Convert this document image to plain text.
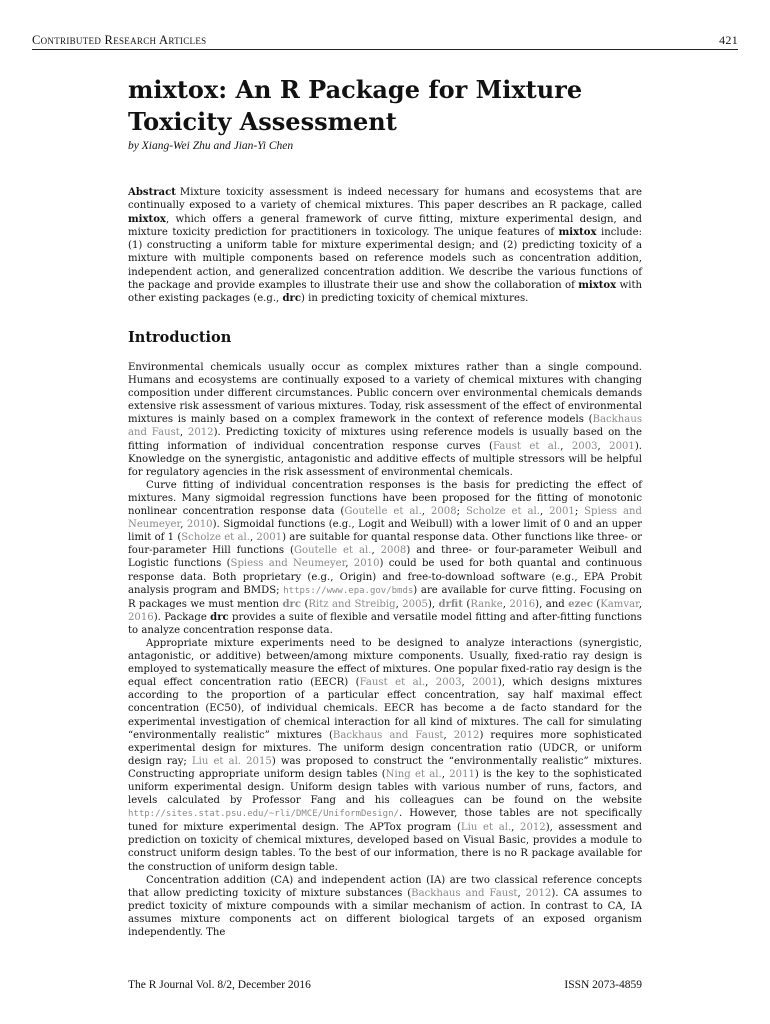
Contributed Research Articles	421
mixtox: An R Package for Mixture Toxicity Assessment
by Xiang-Wei Zhu and Jian-Yi Chen
Abstract Mixture toxicity assessment is indeed necessary for humans and ecosystems that are continually exposed to a variety of chemical mixtures. This paper describes an R package, called mixtox, which offers a general framework of curve fitting, mixture experimental design, and mixture toxicity prediction for practitioners in toxicology. The unique features of mixtox include: (1) constructing a uniform table for mixture experimental design; and (2) predicting toxicity of a mixture with multiple components based on reference models such as concentration addition, independent action, and generalized concentration addition. We describe the various functions of the package and provide examples to illustrate their use and show the collaboration of mixtox with other existing packages (e.g., drc) in predicting toxicity of chemical mixtures.
Introduction

Environmental chemicals usually occur as complex mixtures rather than a single compound. Humans and ecosystems are continually exposed to a variety of chemical mixtures with changing composition under different circumstances. Public concern over environmental chemicals demands extensive risk assessment of various mixtures. Today, risk assessment of the effect of environmental mixtures is mainly based on a complex framework in the context of reference models (Backhaus and Faust, 2012). Predicting toxicity of mixtures using reference models is usually based on the fitting information of individual concentration response curves (Faust et al., 2003, 2001). Knowledge on the synergistic, antagonistic and additive effects of multiple stressors will be helpful for regulatory agencies in the risk assessment of environmental chemicals.

Curve fitting of individual concentration responses is the basis for predicting the effect of mixtures. Many sigmoidal regression functions have been proposed for the fitting of monotonic nonlinear concentration response data (Goutelle et al., 2008; Scholze et al., 2001; Spiess and Neumeyer, 2010). Sigmoidal functions (e.g., Logit and Weibull) with a lower limit of 0 and an upper limit of 1 (Scholze et al., 2001) are suitable for quantal response data. Other functions like three- or four-parameter Hill functions (Goutelle et al., 2008) and three- or four-parameter Weibull and Logistic functions (Spiess and Neumeyer, 2010) could be used for both quantal and continuous response data. Both proprietary (e.g., Origin) and free-to-download software (e.g., EPA Probit analysis program and BMDS; https://www.epa.gov/bmds) are available for curve fitting. Focusing on R packages we must mention drc (Ritz and Streibig, 2005), drfit (Ranke, 2016), and ezec (Kamvar, 2016). Package drc provides a suite of flexible and versatile model fitting and after-fitting functions to analyze concentration response data.

Appropriate mixture experiments need to be designed to analyze interactions (synergistic, antagonistic, or additive) between/among mixture components. Usually, fixed-ratio ray design is employed to systematically measure the effect of mixtures. One popular fixed-ratio ray design is the equal effect concentration ratio (EECR) (Faust et al., 2003, 2001), which designs mixtures according to the proportion of a particular effect concentration, say half maximal effect concentration (EC50), of individual chemicals. EECR has become a de facto standard for the experimental investigation of chemical interaction for all kind of mixtures. The call for simulating “environmentally realistic” mixtures (Backhaus and Faust, 2012) requires more sophisticated experimental design for mixtures. The uniform design concentration ratio (UDCR, or uniform design ray; Liu et al. 2015) was proposed to construct the “environmentally realistic” mixtures. Constructing appropriate uniform design tables (Ning et al., 2011) is the key to the sophisticated uniform experimental design. Uniform design tables with various number of runs, factors, and levels calculated by Professor Fang and his colleagues can be found on the website http://sites.stat.psu.edu/~rli/DMCE/UniformDesign/. However, those tables are not specifically tuned for mixture experimental design. The APTox program (Liu et al., 2012), assessment and prediction on toxicity of chemical mixtures, developed based on Visual Basic, provides a module to construct uniform design tables. To the best of our information, there is no R package available for the construction of uniform design table.

Concentration addition (CA) and independent action (IA) are two classical reference concepts that allow predicting toxicity of mixture substances (Backhaus and Faust, 2012). CA assumes to predict toxicity of mixture compounds with a similar mechanism of action. In contrast to CA, IA assumes mixture components act on different biological targets of an exposed organism independently. The

The R Journal Vol. 8/2, December 2016	ISSN 2073-4859
